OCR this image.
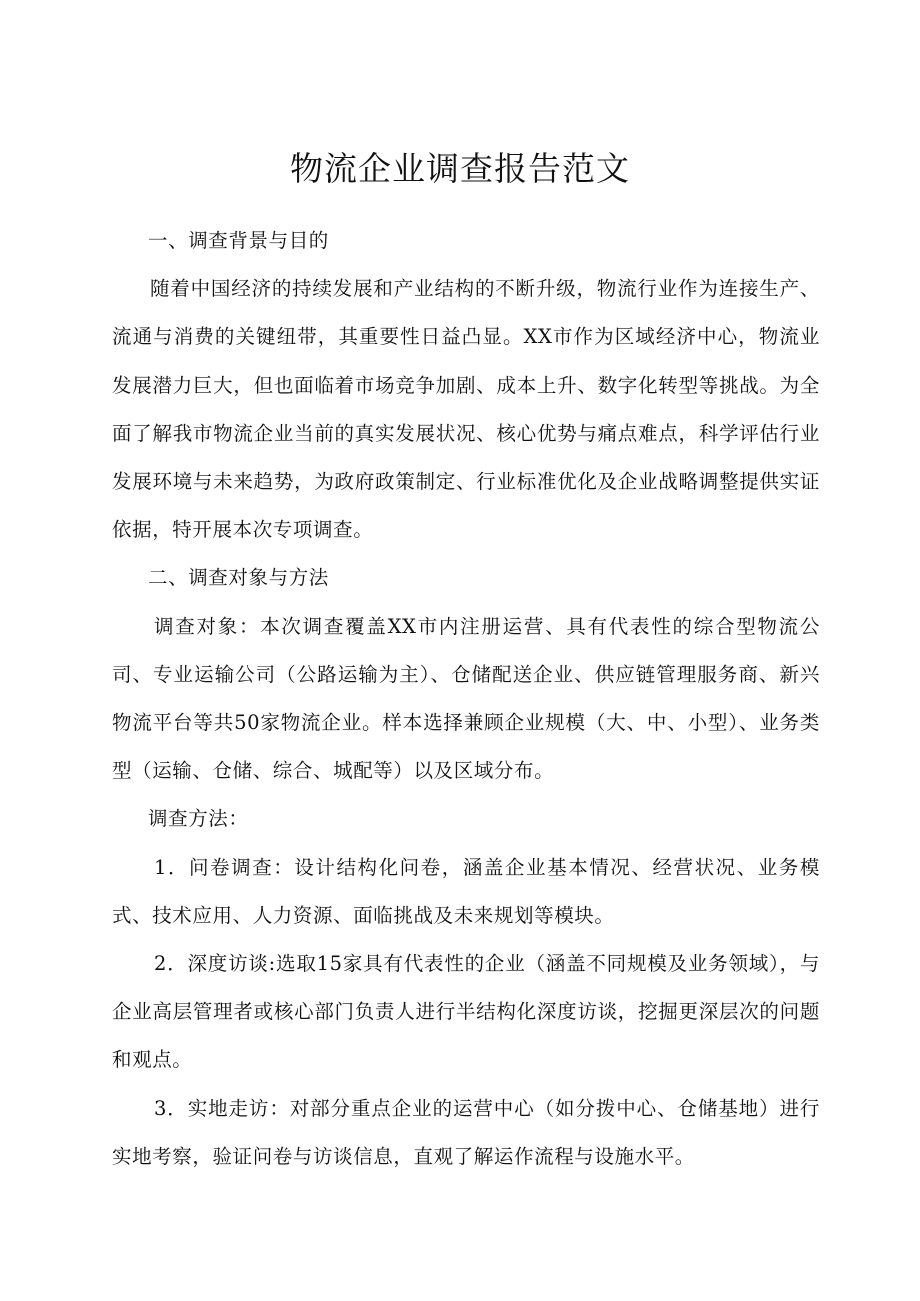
物流企业调查报告范文

一、调查背景与目的

随着中国经济的持续发展和产业结构的不断升级，物流行业作为连接生产、流通与消费的关键纽带，其重要性日益凸显。XX市作为区域经济中心，物流业发展潜力巨大，但也面临着市场竞争加剧、成本上升、数字化转型等挑战。为全面了解我市物流企业当前的真实发展状况、核心优势与痛点难点，科学评估行业发展环境与未来趋势，为政府政策制定、行业标准优化及企业战略调整提供实证依据，特开展本次专项调查。

二、调查对象与方法

调查对象：本次调查覆盖XX市内注册运营、具有代表性的综合型物流公司、专业运输公司（公路运输为主）、仓储配送企业、供应链管理服务商、新兴物流平台等共50家物流企业。样本选择兼顾企业规模（大、中、小型）、业务类型（运输、仓储、综合、城配等）以及区域分布。

调查方法：

1．问卷调查：设计结构化问卷，涵盖企业基本情况、经营状况、业务模式、技术应用、人力资源、面临挑战及未来规划等模块。

2．深度访谈:选取15家具有代表性的企业（涵盖不同规模及业务领域），与企业高层管理者或核心部门负责人进行半结构化深度访谈，挖掘更深层次的问题和观点。

3．实地走访：对部分重点企业的运营中心（如分拨中心、仓储基地）进行实地考察，验证问卷与访谈信息，直观了解运作流程与设施水平。
